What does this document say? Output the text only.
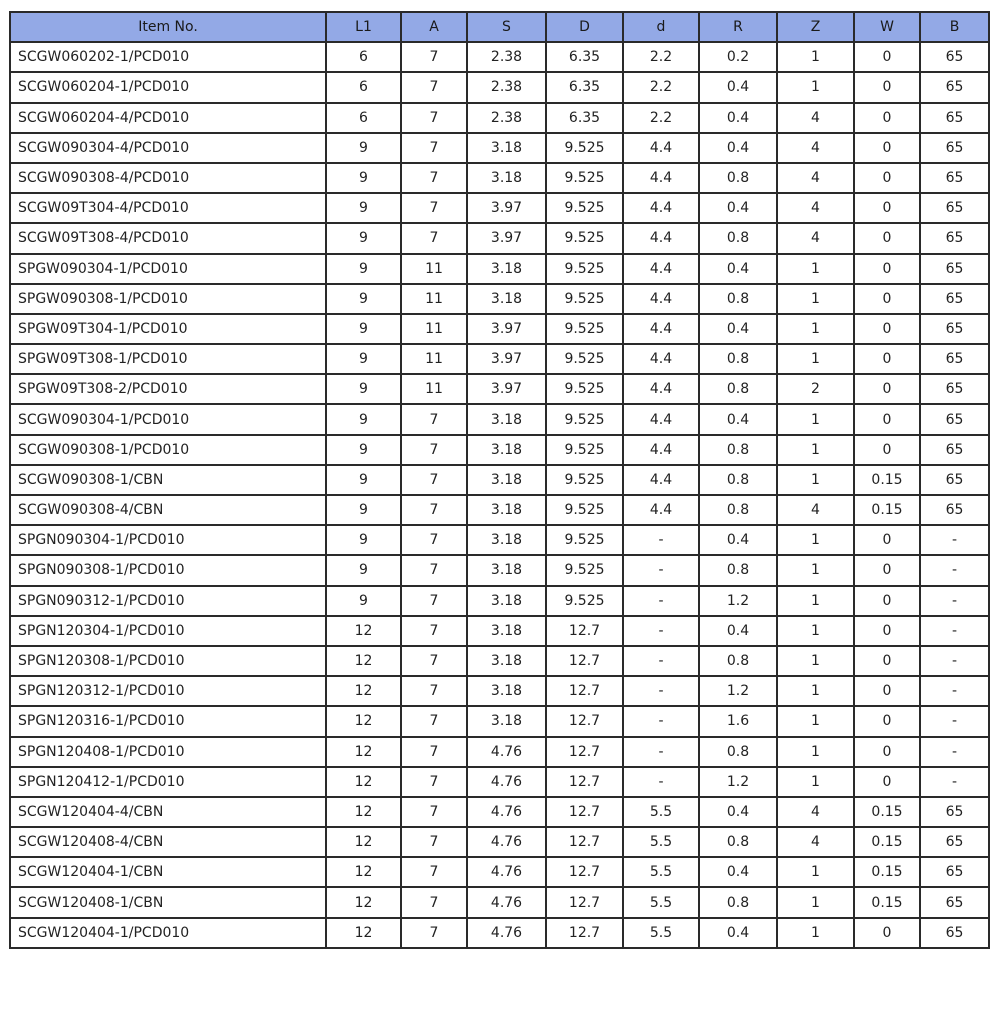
Item No.	L1	A	S	D	d	R	Z	W	B
SCGW060202-1/PCD010	6	7	2.38	6.35	2.2	0.2	1	0	65
SCGW060204-1/PCD010	6	7	2.38	6.35	2.2	0.4	1	0	65
SCGW060204-4/PCD010	6	7	2.38	6.35	2.2	0.4	4	0	65
SCGW090304-4/PCD010	9	7	3.18	9.525	4.4	0.4	4	0	65
SCGW090308-4/PCD010	9	7	3.18	9.525	4.4	0.8	4	0	65
SCGW09T304-4/PCD010	9	7	3.97	9.525	4.4	0.4	4	0	65
SCGW09T308-4/PCD010	9	7	3.97	9.525	4.4	0.8	4	0	65
SPGW090304-1/PCD010	9	11	3.18	9.525	4.4	0.4	1	0	65
SPGW090308-1/PCD010	9	11	3.18	9.525	4.4	0.8	1	0	65
SPGW09T304-1/PCD010	9	11	3.97	9.525	4.4	0.4	1	0	65
SPGW09T308-1/PCD010	9	11	3.97	9.525	4.4	0.8	1	0	65
SPGW09T308-2/PCD010	9	11	3.97	9.525	4.4	0.8	2	0	65
SCGW090304-1/PCD010	9	7	3.18	9.525	4.4	0.4	1	0	65
SCGW090308-1/PCD010	9	7	3.18	9.525	4.4	0.8	1	0	65
SCGW090308-1/CBN	9	7	3.18	9.525	4.4	0.8	1	0.15	65
SCGW090308-4/CBN	9	7	3.18	9.525	4.4	0.8	4	0.15	65
SPGN090304-1/PCD010	9	7	3.18	9.525	-	0.4	1	0	-
SPGN090308-1/PCD010	9	7	3.18	9.525	-	0.8	1	0	-
SPGN090312-1/PCD010	9	7	3.18	9.525	-	1.2	1	0	-
SPGN120304-1/PCD010	12	7	3.18	12.7	-	0.4	1	0	-
SPGN120308-1/PCD010	12	7	3.18	12.7	-	0.8	1	0	-
SPGN120312-1/PCD010	12	7	3.18	12.7	-	1.2	1	0	-
SPGN120316-1/PCD010	12	7	3.18	12.7	-	1.6	1	0	-
SPGN120408-1/PCD010	12	7	4.76	12.7	-	0.8	1	0	-
SPGN120412-1/PCD010	12	7	4.76	12.7	-	1.2	1	0	-
SCGW120404-4/CBN	12	7	4.76	12.7	5.5	0.4	4	0.15	65
SCGW120408-4/CBN	12	7	4.76	12.7	5.5	0.8	4	0.15	65
SCGW120404-1/CBN	12	7	4.76	12.7	5.5	0.4	1	0.15	65
SCGW120408-1/CBN	12	7	4.76	12.7	5.5	0.8	1	0.15	65
SCGW120404-1/PCD010	12	7	4.76	12.7	5.5	0.4	1	0	65
